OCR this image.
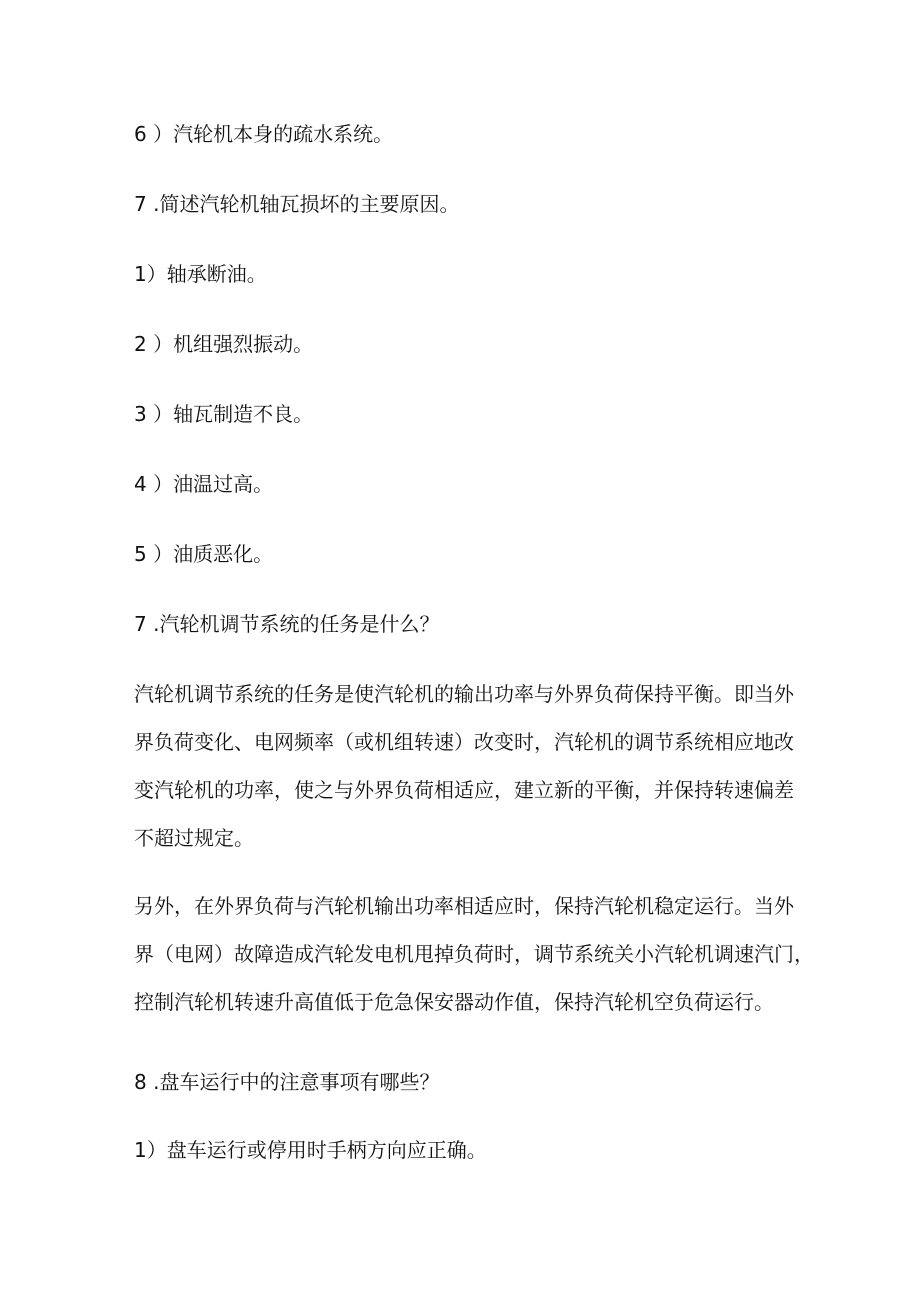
6 ）汽轮机本身的疏水系统。
7 .简述汽轮机轴瓦损坏的主要原因。
1）轴承断油。
2 ）机组强烈振动。
3 ）轴瓦制造不良。
4 ）油温过高。
5 ）油质恶化。
7 .汽轮机调节系统的任务是什么？
汽轮机调节系统的任务是使汽轮机的输出功率与外界负荷保持平衡。即当外
界负荷变化、电网频率（或机组转速）改变时，汽轮机的调节系统相应地改
变汽轮机的功率，使之与外界负荷相适应，建立新的平衡，并保持转速偏差
不超过规定。
另外，在外界负荷与汽轮机输出功率相适应时，保持汽轮机稳定运行。当外
界（电网）故障造成汽轮发电机甩掉负荷时，调节系统关小汽轮机调速汽门，
控制汽轮机转速升高值低于危急保安器动作值，保持汽轮机空负荷运行。
8 .盘车运行中的注意事项有哪些？
1）盘车运行或停用时手柄方向应正确。
